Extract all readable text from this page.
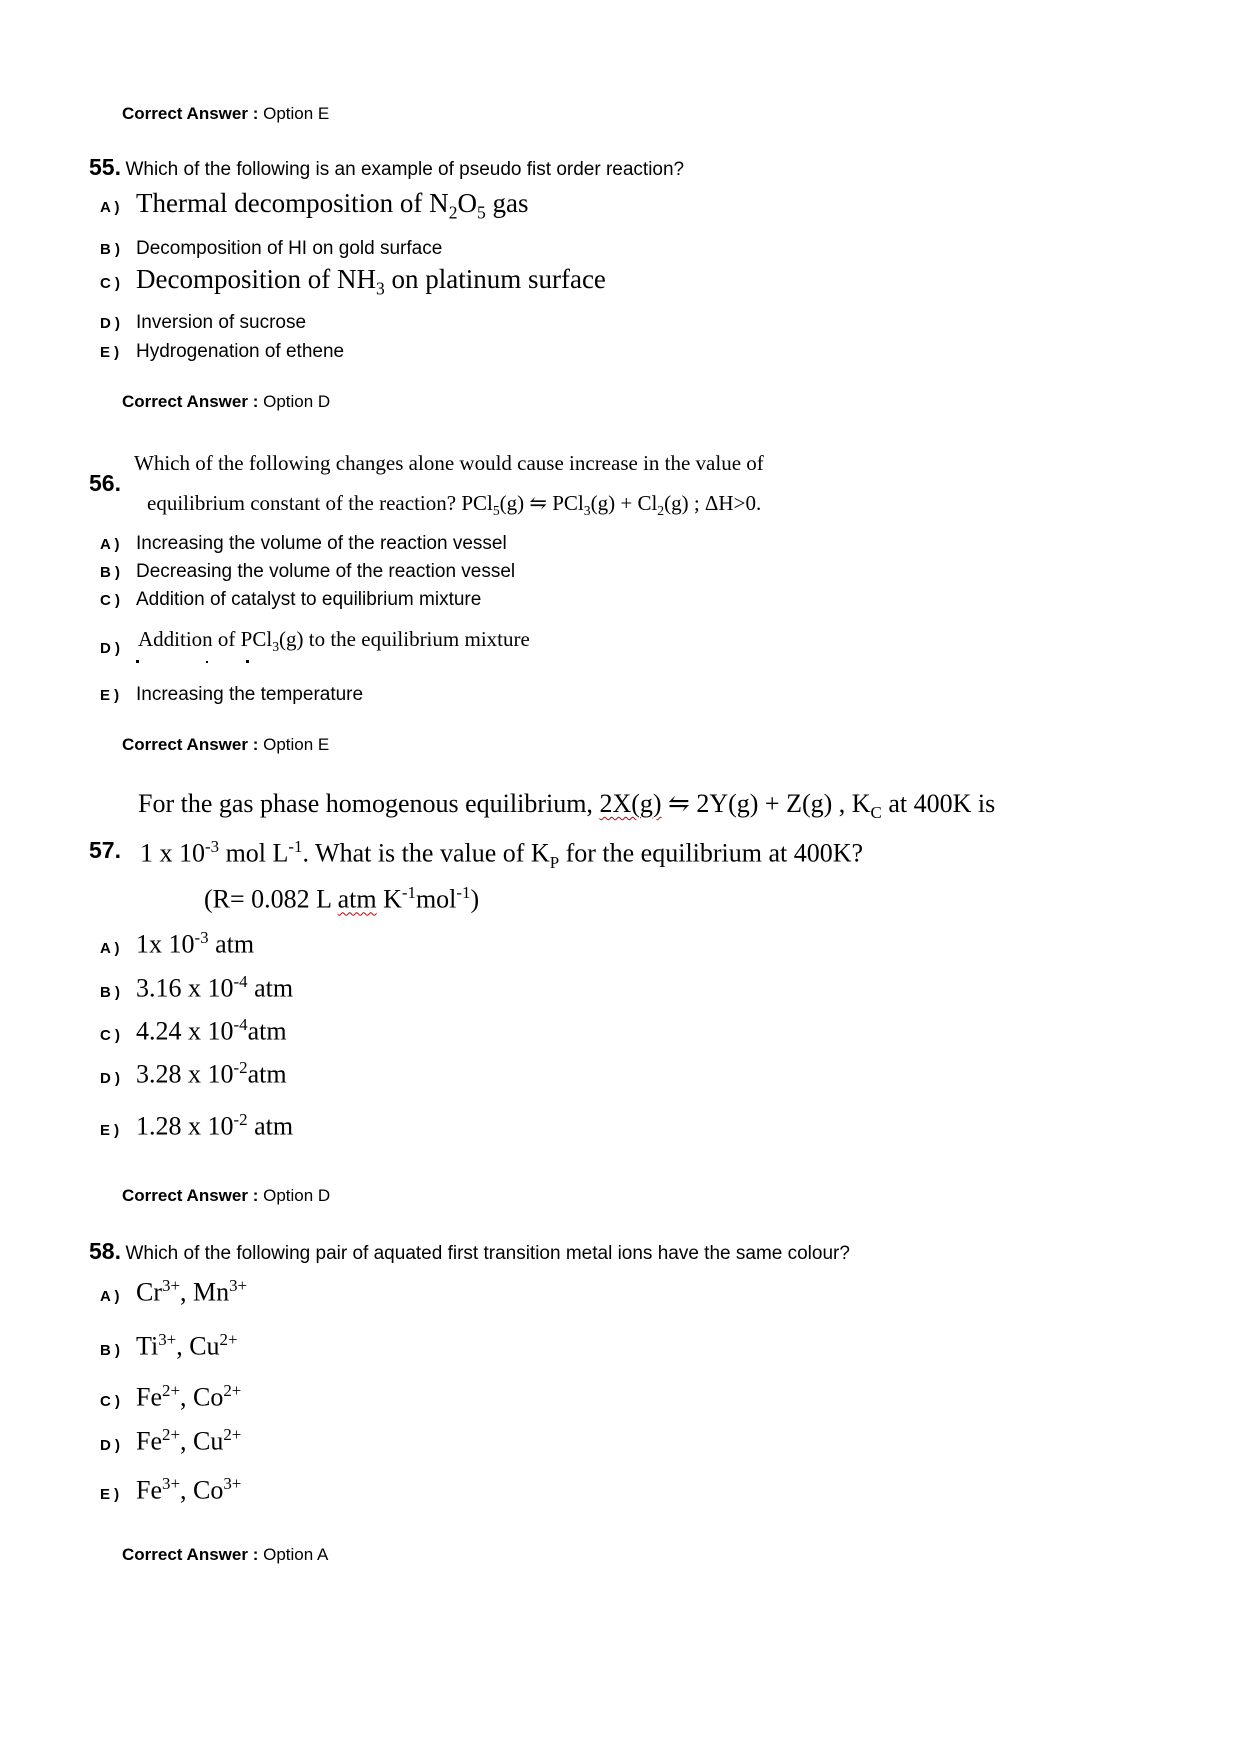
Correct Answer : Option E
55. Which of the following is an example of pseudo fist order reaction?
A ) Thermal decomposition of $N_2O_5$ gas
B ) Decomposition of HI on gold surface
C ) Decomposition of $NH_3$ on platinum surface
D ) Inversion of sucrose
E ) Hydrogenation of ethene
Correct Answer : Option D
56.
Which of the following changes alone would cause increase in the value of
equilibrium constant of the reaction? PCl$_5$(g) ⇋ $PCl_3(g) + Cl_2(g)$ ; ΔH>0.
A ) Increasing the volume of the reaction vessel
B ) Decreasing the volume of the reaction vessel
C ) Addition of catalyst to equilibrium mixture
D ) Addition of PCl$_3$(g) to the equilibrium mixture
E ) Increasing the temperature
Correct Answer : Option E
For the gas phase homogenous equilibrium, 2X(g) ⇋ 2Y(g) + Z(g) , $K_C$ at 400K is
57. 1 x $10^{-3}$ mol $L^{-1}$. What is the value of $K_P$ for the equilibrium at 400K?
(R= 0.082 L atm $K^{-1}mol^{-1}$)
A ) 1x $10^{-3}$ atm
B ) 3.16 x $10^{-4}$ atm
C ) 4.24 x $10^{-4}atm$
D ) 3.28 x $10^{-2}atm$
E ) 1.28 x $10^{-2}$ atm
Correct Answer : Option D
58. Which of the following pair of aquated first transition metal ions have the same colour?
A ) $Cr^{3+}$, $Mn^{3+}$
B ) $Ti^{3+}$, $Cu^{2+}$
C ) $Fe^{2+}$, $Co^{2+}$
D ) $Fe^{2+}$, $Cu^{2+}$
E ) $Fe^{3+}$, $Co^{3+}$
Correct Answer : Option A
